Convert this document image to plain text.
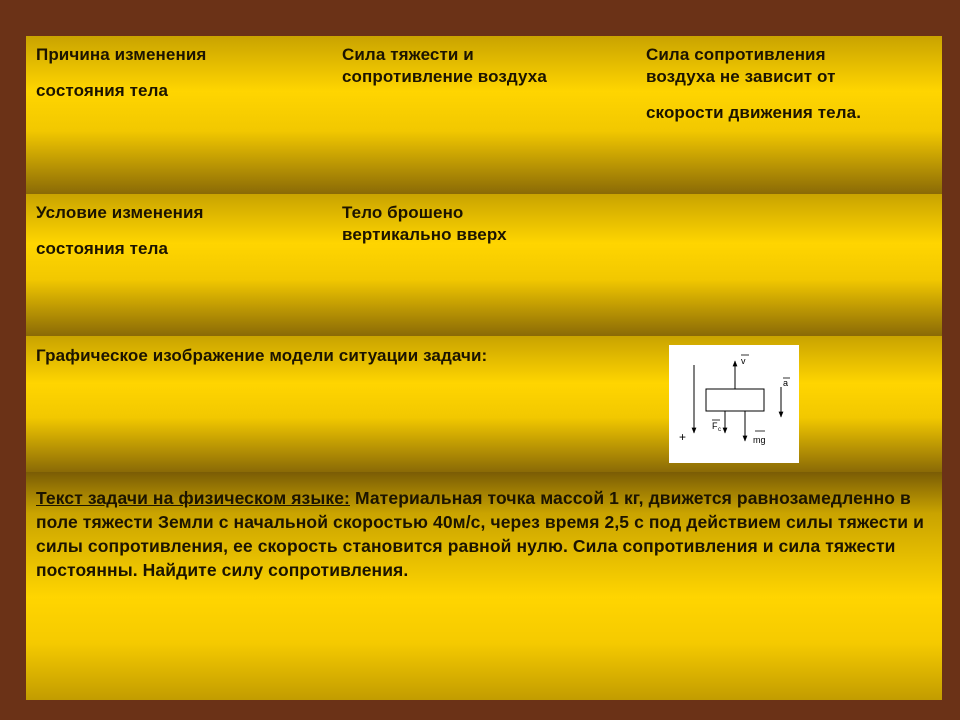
Причина изменения
состояния тела
Сила тяжести и
сопротивление воздуха
Сила сопротивления
воздуха не зависит от
скорости движения тела.
Условие изменения
состояния тела
Тело брошено
вертикально вверх
Графическое изображение модели ситуации задачи:
+
v
a
F c
mg
Текст задачи на физическом языке: Материальная точка массой 1 кг, движется равнозамедленно в поле тяжести Земли с начальной скоростью 40м/с, через время 2,5 с под действием силы тяжести и силы сопротивления, ее скорость становится равной нулю. Сила сопротивления и сила тяжести постоянны. Найдите силу сопротивления.
